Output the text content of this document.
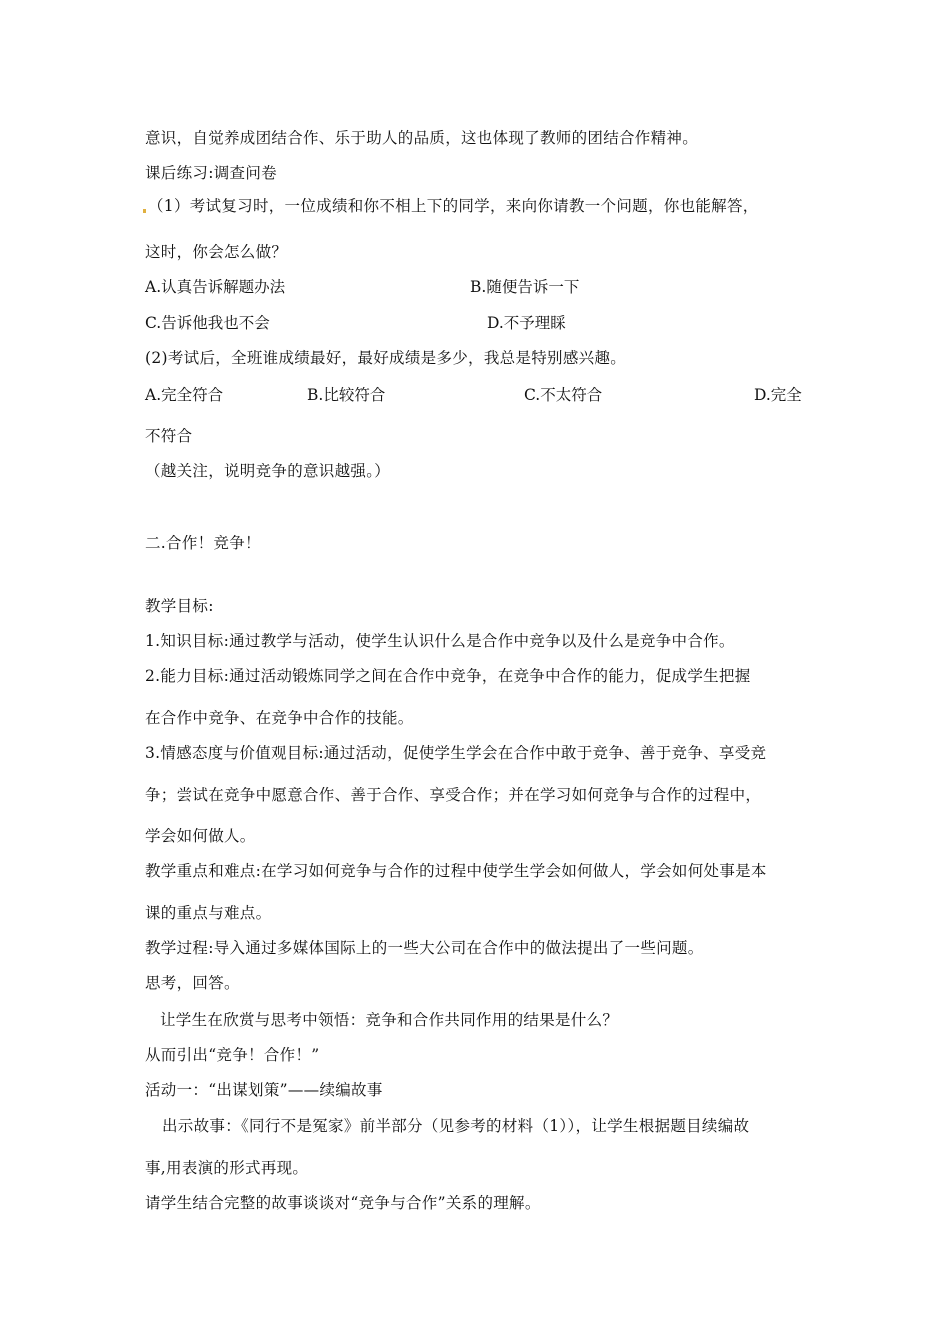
意识，自觉养成团结合作、乐于助人的品质，这也体现了教师的团结合作精神。
课后练习:调查问卷
（1）考试复习时，一位成绩和你不相上下的同学，来向你请教一个问题，你也能解答，
这时，你会怎么做？
A.认真告诉解题办法	B.随便告诉一下
C.告诉他我也不会	D.不予理睬
(2)考试后，全班谁成绩最好，最好成绩是多少，我总是特别感兴趣。
A.完全符合	B.比较符合	C.不太符合	D.完全
不符合
（越关注，说明竞争的意识越强。）
二.合作！竞争！
教学目标:
1.知识目标:通过教学与活动，使学生认识什么是合作中竞争以及什么是竞争中合作。
2.能力目标:通过活动锻炼同学之间在合作中竞争，在竞争中合作的能力，促成学生把握
在合作中竞争、在竞争中合作的技能。
3.情感态度与价值观目标:通过活动，促使学生学会在合作中敢于竞争、善于竞争、享受竞
争；尝试在竞争中愿意合作、善于合作、享受合作；并在学习如何竞争与合作的过程中，
学会如何做人。
教学重点和难点:在学习如何竞争与合作的过程中使学生学会如何做人，学会如何处事是本
课的重点与难点。
教学过程:导入通过多媒体国际上的一些大公司在合作中的做法提出了一些问题。
思考，回答。
让学生在欣赏与思考中领悟：竞争和合作共同作用的结果是什么？
从而引出“竞争！合作！”
活动一：“出谋划策”——续编故事
出示故事：《同行不是冤家》前半部分（见参考的材料（1）），让学生根据题目续编故
事,用表演的形式再现。
请学生结合完整的故事谈谈对“竞争与合作”关系的理解。
